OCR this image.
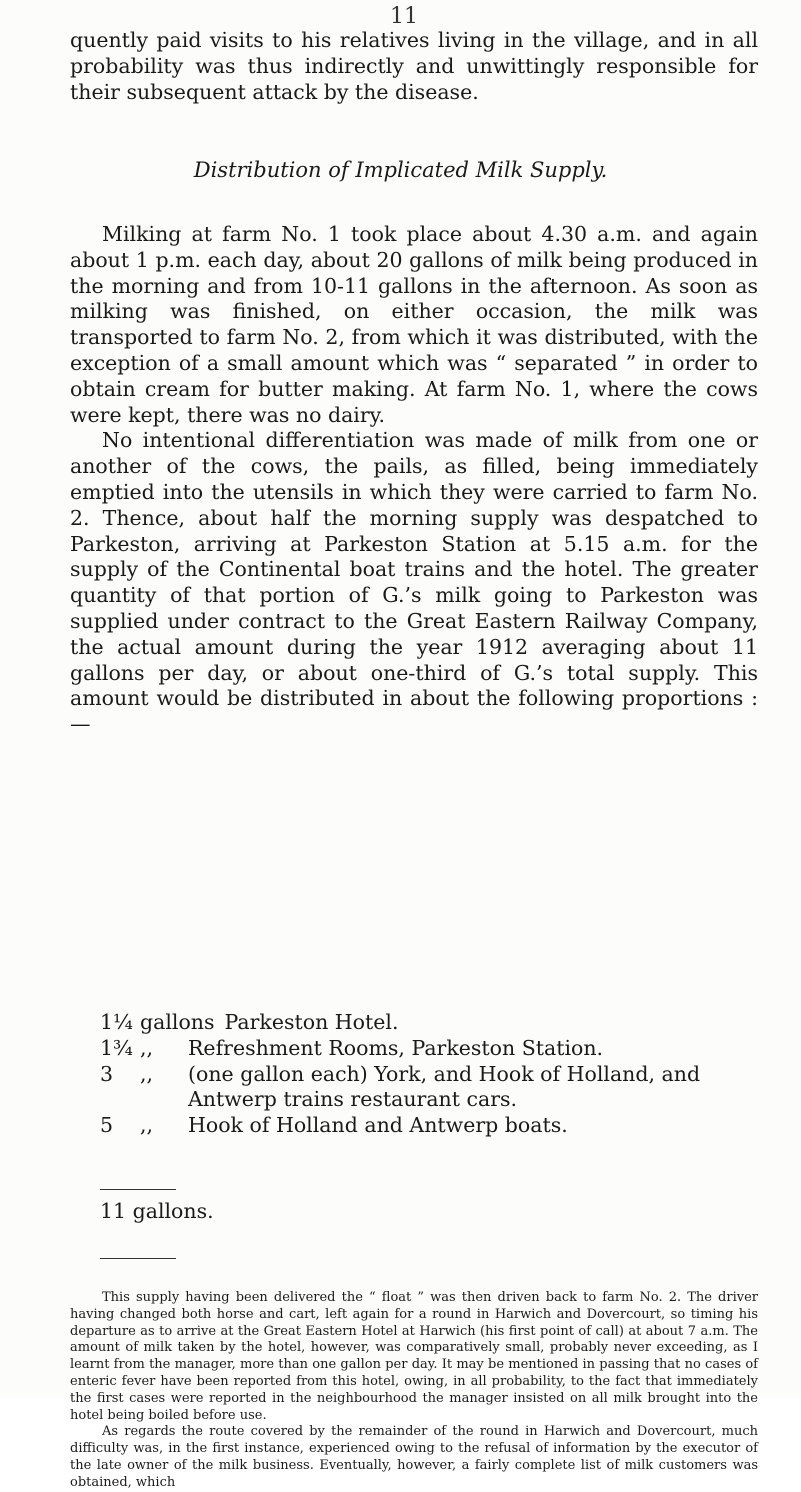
11

quently paid visits to his relatives living in the village, and in all probability was thus indirectly and unwittingly responsible for their subsequent attack by the disease.

Distribution of Implicated Milk Supply.

Milking at farm No. 1 took place about 4.30 a.m. and again about 1 p.m. each day, about 20 gallons of milk being produced in the morning and from 10-11 gallons in the afternoon. As soon as milking was finished, on either occasion, the milk was transported to farm No. 2, from which it was distributed, with the exception of a small amount which was “ separated ” in order to obtain cream for butter making. At farm No. 1, where the cows were kept, there was no dairy.

No intentional differentiation was made of milk from one or another of the cows, the pails, as filled, being immediately emptied into the utensils in which they were carried to farm No. 2. Thence, about half the morning supply was despatched to Parkeston, arriving at Parkeston Station at 5.15 a.m. for the supply of the Continental boat trains and the hotel. The greater quantity of that portion of G.’s milk going to Parkeston was supplied under contract to the Great Eastern Railway Company, the actual amount during the year 1912 averaging about 11 gallons per day, or about one-third of G.’s total supply. This amount would be distributed in about the following proportions : —

1¼ gallons Parkeston Hotel.
1¾ ,,	Refreshment Rooms, Parkeston Station.
3	,,	(one gallon each) York, and Hook of Holland, and Antwerp trains restaurant cars.
5	,,	Hook of Holland and Antwerp boats.
11 gallons.

This supply having been delivered the “ float ” was then driven back to farm No. 2. The driver having changed both horse and cart, left again for a round in Harwich and Dovercourt, so timing his departure as to arrive at the Great Eastern Hotel at Harwich (his first point of call) at about 7 a.m. The amount of milk taken by the hotel, however, was comparatively small, probably never exceeding, as I learnt from the manager, more than one gallon per day. It may be mentioned in passing that no cases of enteric fever have been reported from this hotel, owing, in all probability, to the fact that immediately the first cases were reported in the neighbourhood the manager insisted on all milk brought into the hotel being boiled before use.

As regards the route covered by the remainder of the round in Harwich and Dovercourt, much difficulty was, in the first instance, experienced owing to the refusal of information by the executor of the late owner of the milk business. Eventually, however, a fairly complete list of milk customers was obtained, which
